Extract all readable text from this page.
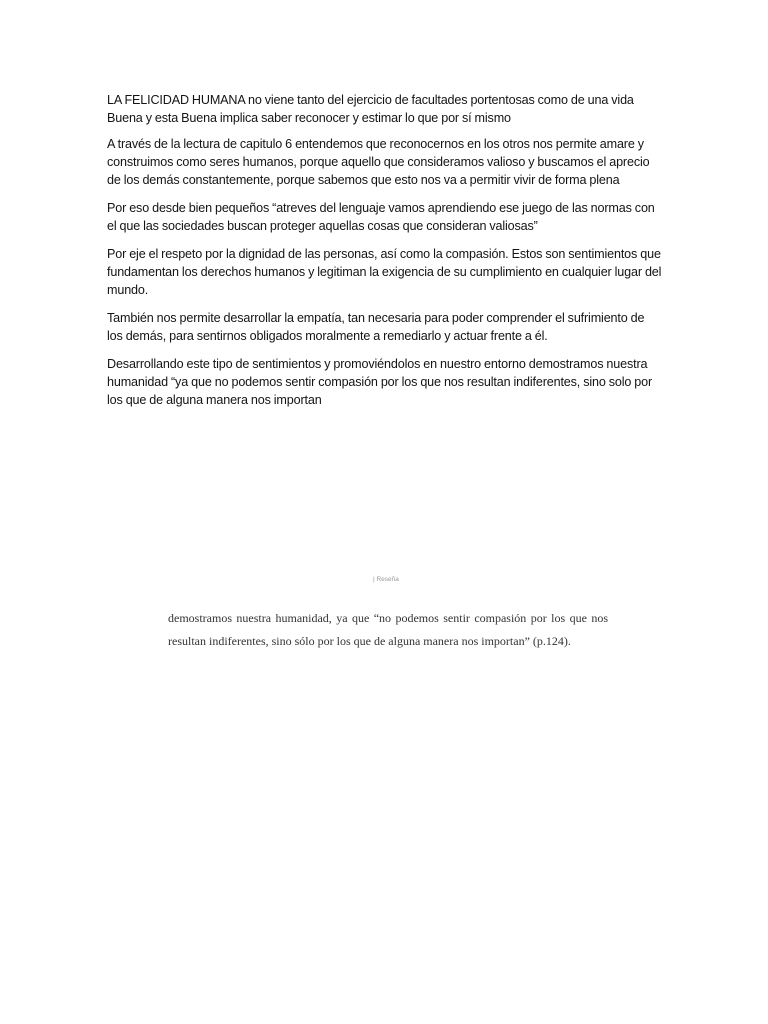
LA FELICIDAD HUMANA no viene tanto del ejercicio de facultades portentosas como de una vida Buena y esta Buena implica saber reconocer y estimar lo que por sí mismo

A través de la lectura de capitulo 6 entendemos que reconocernos en los otros nos permite amare y construimos como seres humanos, porque aquello que consideramos valioso y buscamos el aprecio de los demás constantemente, porque sabemos que esto nos va a permitir vivir de forma plena

Por eso desde bien pequeños “atreves del lenguaje vamos aprendiendo ese juego de las normas con el que las sociedades buscan proteger aquellas cosas que consideran valiosas”

Por eje el respeto por la dignidad de las personas, así como la compasión. Estos son sentimientos que fundamentan los derechos humanos y legitiman la exigencia de su cumplimiento en cualquier lugar del mundo.

También nos permite desarrollar la empatía, tan necesaria para poder comprender el sufrimiento de los demás, para sentirnos obligados moralmente a remediarlo y actuar frente a él.

Desarrollando este tipo de sentimientos y promoviéndolos en nuestro entorno demostramos nuestra humanidad “ya que no podemos sentir compasión por los que nos resultan indiferentes, sino solo por los que de alguna manera nos importan

| Reseña
demostramos nuestra humanidad, ya que “no podemos sentir compasión por los que nos
resultan indiferentes, sino sólo por los que de alguna manera nos importan” (p.124).
